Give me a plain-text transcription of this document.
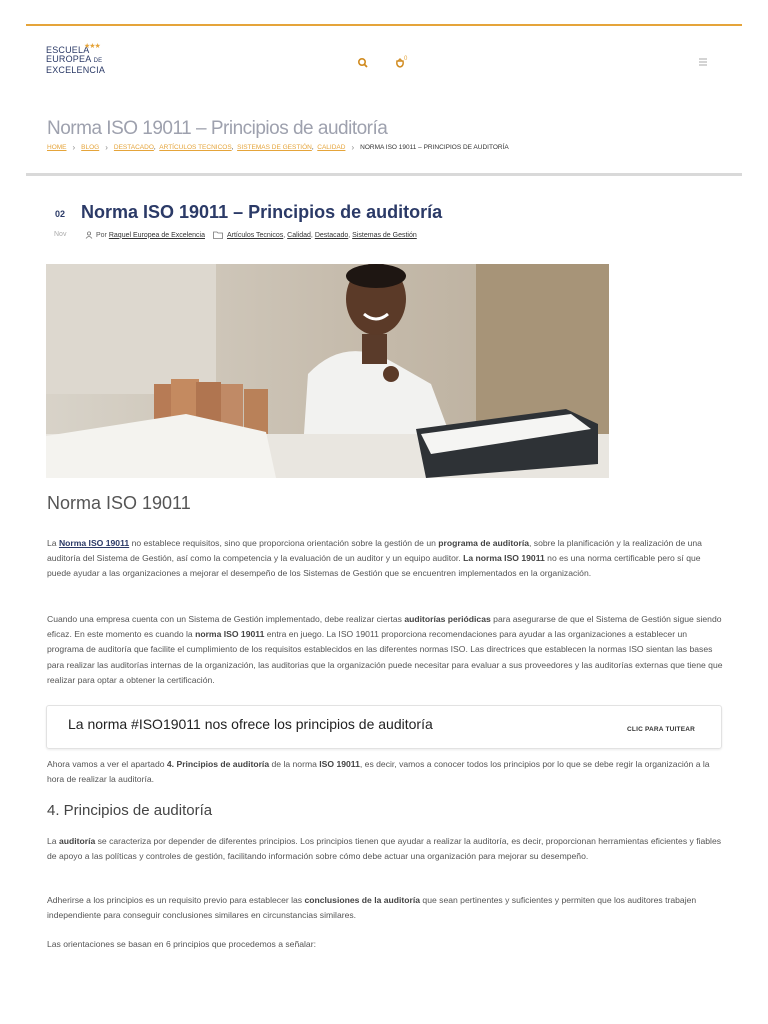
★★★
ESCUELA
EUROPEA DE
EXCELENCIA
0
Norma ISO 19011 – Principios de auditoría
HOME › BLOG › DESTACADO , ARTÍCULOS TECNICOS , SISTEMAS DE GESTIÓN , CALIDAD › NORMA ISO 19011 – PRINCIPIOS DE AUDITORÍA
02
Nov
Norma ISO 19011 – Principios de auditoría
Por
Raquel Europea de Excelencia	Artículos Tecnicos , Calidad , Destacado , Sistemas de Gestión
Norma ISO 19011
La Norma ISO 19011 no establece requisitos, sino que proporciona orientación sobre la gestión de un programa de auditoría, sobre la planificación y la realización de una auditoría del Sistema de Gestión, así como la competencia y la evaluación de un auditor y un equipo auditor. La norma ISO 19011 no es una norma certificable pero sí que puede ayudar a las organizaciones a mejorar el desempeño de los Sistemas de Gestión que se encuentren implementados en la organización.
Cuando una empresa cuenta con un Sistema de Gestión implementado, debe realizar ciertas auditorías periódicas para asegurarse de que el Sistema de Gestión sigue siendo eficaz. En este momento es cuando la norma ISO 19011 entra en juego. La ISO 19011 proporciona recomendaciones para ayudar a las organizaciones a establecer un programa de auditoría que facilite el cumplimiento de los requisitos establecidos en las diferentes normas ISO. Las directrices que establecen la normas ISO sientan las bases para realizar las auditorías internas de la organización, las auditorias que la organización puede necesitar para evaluar a sus proveedores y las auditorías externas que tiene que realizar para optar a obtener la certificación.
La norma #ISO19011 nos ofrece los principios de auditoría	CLIC PARA TUITEAR
Ahora vamos a ver el apartado 4. Principios de auditoría de la norma ISO 19011, es decir, vamos a conocer todos los principios por lo que se debe regir la organización a la hora de realizar la auditoría.
4. Principios de auditoría
La auditoría se caracteriza por depender de diferentes principios. Los principios tienen que ayudar a realizar la auditoría, es decir, proporcionan herramientas eficientes y fiables de apoyo a las políticas y controles de gestión, facilitando información sobre cómo debe actuar una organización para mejorar su desempeño.
Adherirse a los principios es un requisito previo para establecer las conclusiones de la auditoría que sean pertinentes y suficientes y permiten que los auditores trabajen independiente para conseguir conclusiones similares en circunstancias similares.
Las orientaciones se basan en 6 principios que procedemos a señalar:
